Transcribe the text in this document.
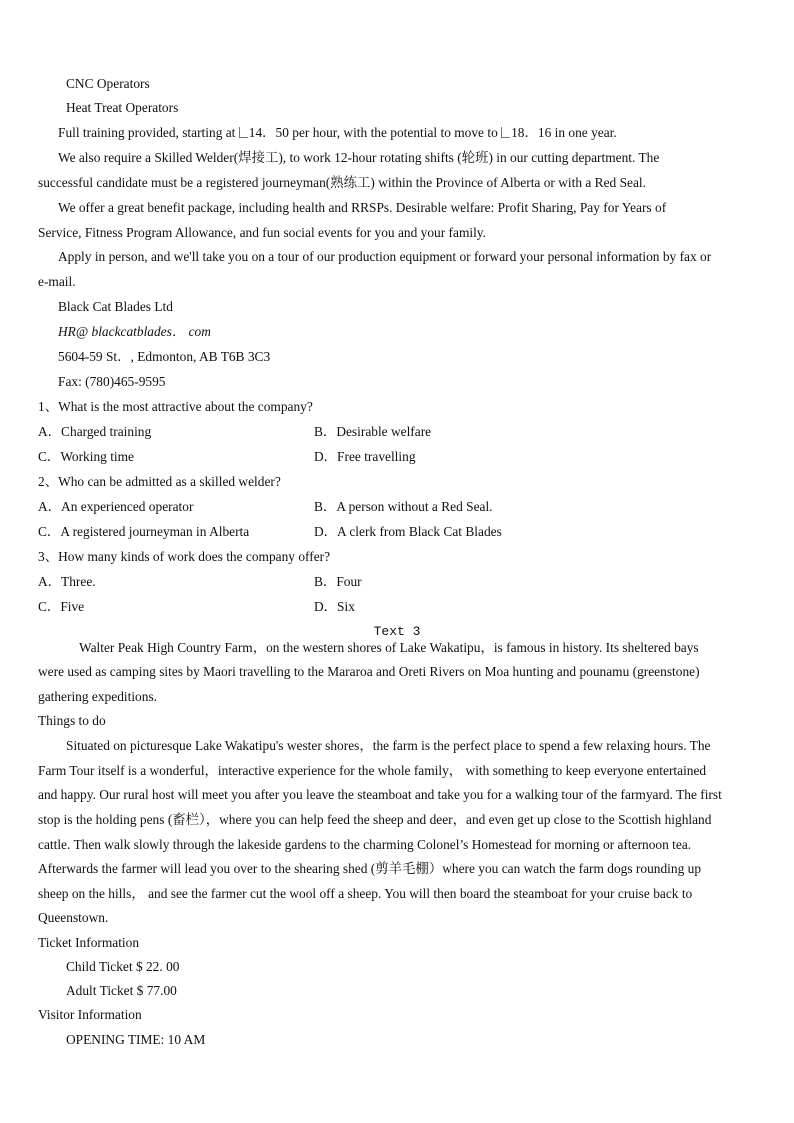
CNC Operators
Heat Treat Operators
Full training provided, starting at 14．50 per hour, with the potential to move to 18．16 in one year.
We also require a Skilled Welder(焊接工), to work 12-hour rotating shifts (轮班) in our cutting department. The
successful candidate must be a registered journeyman(熟练工) within the Province of Alberta or with a Red Seal.
We offer a great benefit package, including health and RRSPs. Desirable welfare: Profit Sharing, Pay for Years of
Service, Fitness Program Allowance, and fun social events for you and your family.
Apply in person, and we'll take you on a tour of our production equipment or forward your personal information by fax or
e-mail.
Black Cat Blades Ltd
HR@ blackcatblades． com
5604-59 St．, Edmonton, AB T6B 3C3
Fax: (780)465-9595
1、What is the most attractive about the company?
A．Charged training	B．Desirable welfare
C．Working time	D．Free travelling
2、Who can be admitted as a skilled welder?
A．An experienced operator	B．A person without a Red Seal.
C．A registered journeyman in Alberta	D．A clerk from Black Cat Blades
3、How many kinds of work does the company offer?
A．Three.	B．Four
C．Five	D．Six
Text 3
Walter Peak High Country Farm，on the western shores of Lake Wakatipu，is famous in history. Its sheltered bays
were used as camping sites by Maori travelling to the Mararoa and Oreti Rivers on Moa hunting and pounamu (greenstone)
gathering expeditions.
Things to do
Situated on picturesque Lake Wakatipu's wester shores，the farm is the perfect place to spend a few relaxing hours. The
Farm Tour itself is a wonderful，interactive experience for the whole family， with something to keep everyone entertained
and happy. Our rural host will meet you after you leave the steamboat and take you for a walking tour of the farmyard. The first
stop is the holding pens (畜栏），where you can help feed the sheep and deer，and even get up close to the Scottish highland
cattle. Then walk slowly through the lakeside gardens to the charming Colonel’s Homestead for morning or afternoon tea.
Afterwards the farmer will lead you over to the shearing shed (剪羊毛棚）where you can watch the farm dogs rounding up
sheep on the hills， and see the farmer cut the wool off a sheep. You will then board the steamboat for your cruise back to
Queenstown.
Ticket Information
Child Ticket $ 22. 00
Adult Ticket $ 77.00
Visitor Information
OPENING TIME: 10 AM
